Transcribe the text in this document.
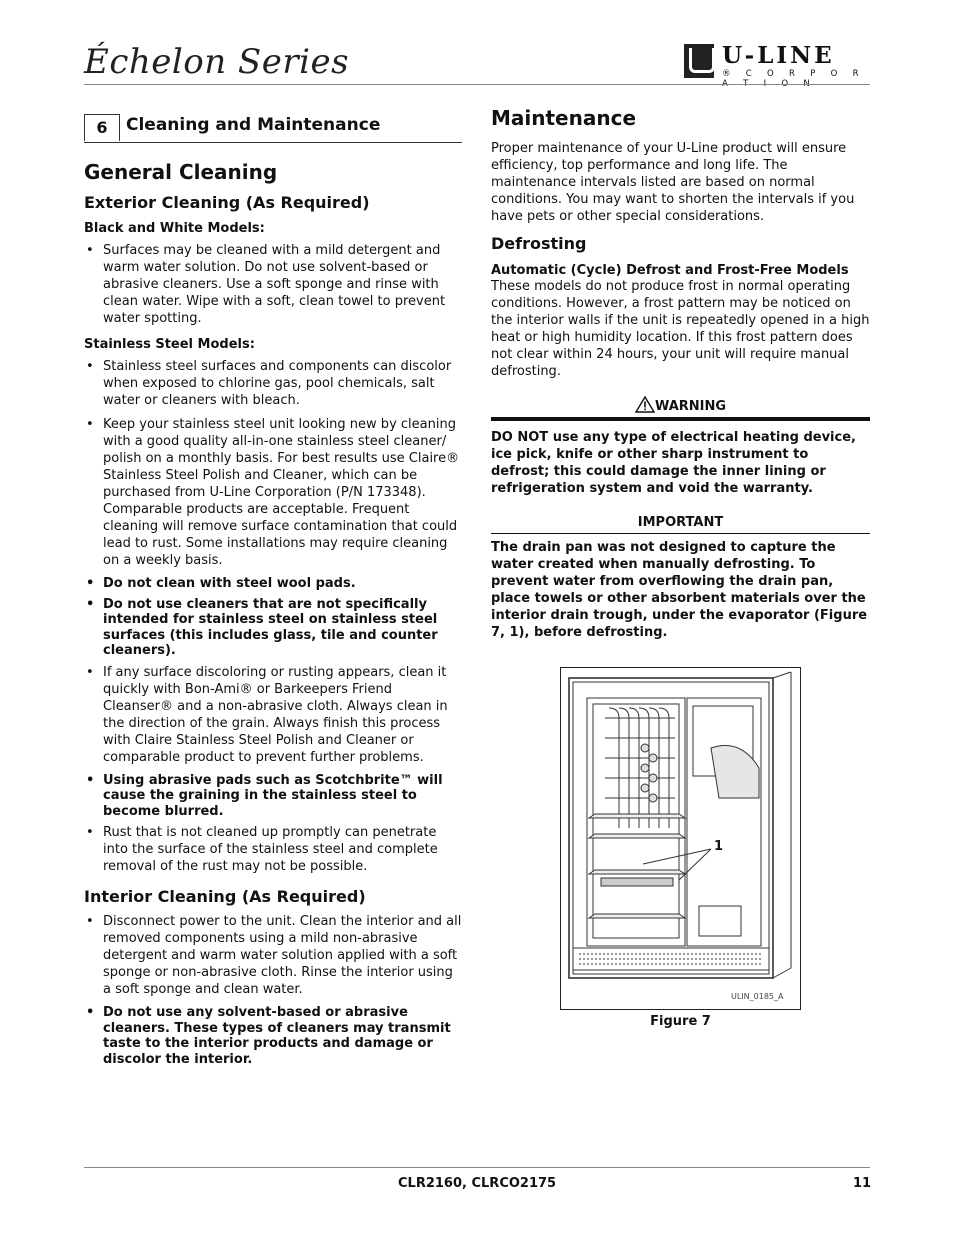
Échelon Series	U-LINE
® C O R P O R A T I O N
6	Cleaning and Maintenance
General Cleaning
Exterior Cleaning (As Required)
Black and White Models:
• Surfaces may be cleaned with a mild detergent and warm water solution. Do not use solvent-based or abrasive cleaners. Use a soft sponge and rinse with clean water. Wipe with a soft, clean towel to prevent water spotting.
Stainless Steel Models:
• Stainless steel surfaces and components can discolor when exposed to chlorine gas, pool chemicals, salt water or cleaners with bleach.
• Keep your stainless steel unit looking new by cleaning with a good quality all-in-one stainless steel cleaner/ polish on a monthly basis. For best results use Claire® Stainless Steel Polish and Cleaner, which can be purchased from U-Line Corporation (P/N 173348). Comparable products are acceptable. Frequent cleaning will remove surface contamination that could lead to rust. Some installations may require cleaning on a weekly basis.
• Do not clean with steel wool pads.
• Do not use cleaners that are not specifically intended for stainless steel on stainless steel surfaces (this includes glass, tile and counter cleaners).
• If any surface discoloring or rusting appears, clean it quickly with Bon-Ami® or Barkeepers Friend Cleanser® and a non-abrasive cloth. Always clean in the direction of the grain. Always finish this process with Claire Stainless Steel Polish and Cleaner or comparable product to prevent further problems.
• Using abrasive pads such as Scotchbrite™ will cause the graining in the stainless steel to become blurred.
• Rust that is not cleaned up promptly can penetrate into the surface of the stainless steel and complete removal of the rust may not be possible.
Interior Cleaning (As Required)
• Disconnect power to the unit. Clean the interior and all removed components using a mild non-abrasive detergent and warm water solution applied with a soft sponge or non-abrasive cloth. Rinse the interior using a soft sponge and clean water.
• Do not use any solvent-based or abrasive cleaners. These types of cleaners may transmit taste to the interior products and damage or discolor the interior.
Maintenance

Proper maintenance of your U-Line product will ensure efficiency, top performance and long life. The maintenance intervals listed are based on normal conditions. You may want to shorten the intervals if you have pets or other special considerations.

Defrosting
Automatic (Cycle) Defrost and Frost-Free Models

These models do not produce frost in normal operating conditions. However, a frost pattern may be noticed on the interior walls if the unit is repeatedly opened in a high heat or high humidity location. If this frost pattern does not clear within 24 hours, your unit will require manual defrosting.

WARNING
DO NOT use any type of electrical heating device, ice pick, knife or other sharp instrument to defrost; this could damage the inner lining or refrigeration system and void the warranty.
IMPORTANT
The drain pan was not designed to capture the water created when manually defrosting. To prevent water from overflowing the drain pan, place towels or other absorbent materials over the interior drain trough, under the evaporator (Figure 7, 1), before defrosting.
1
ULIN_0185_A
Figure 7
CLR2160, CLRCO2175	11
